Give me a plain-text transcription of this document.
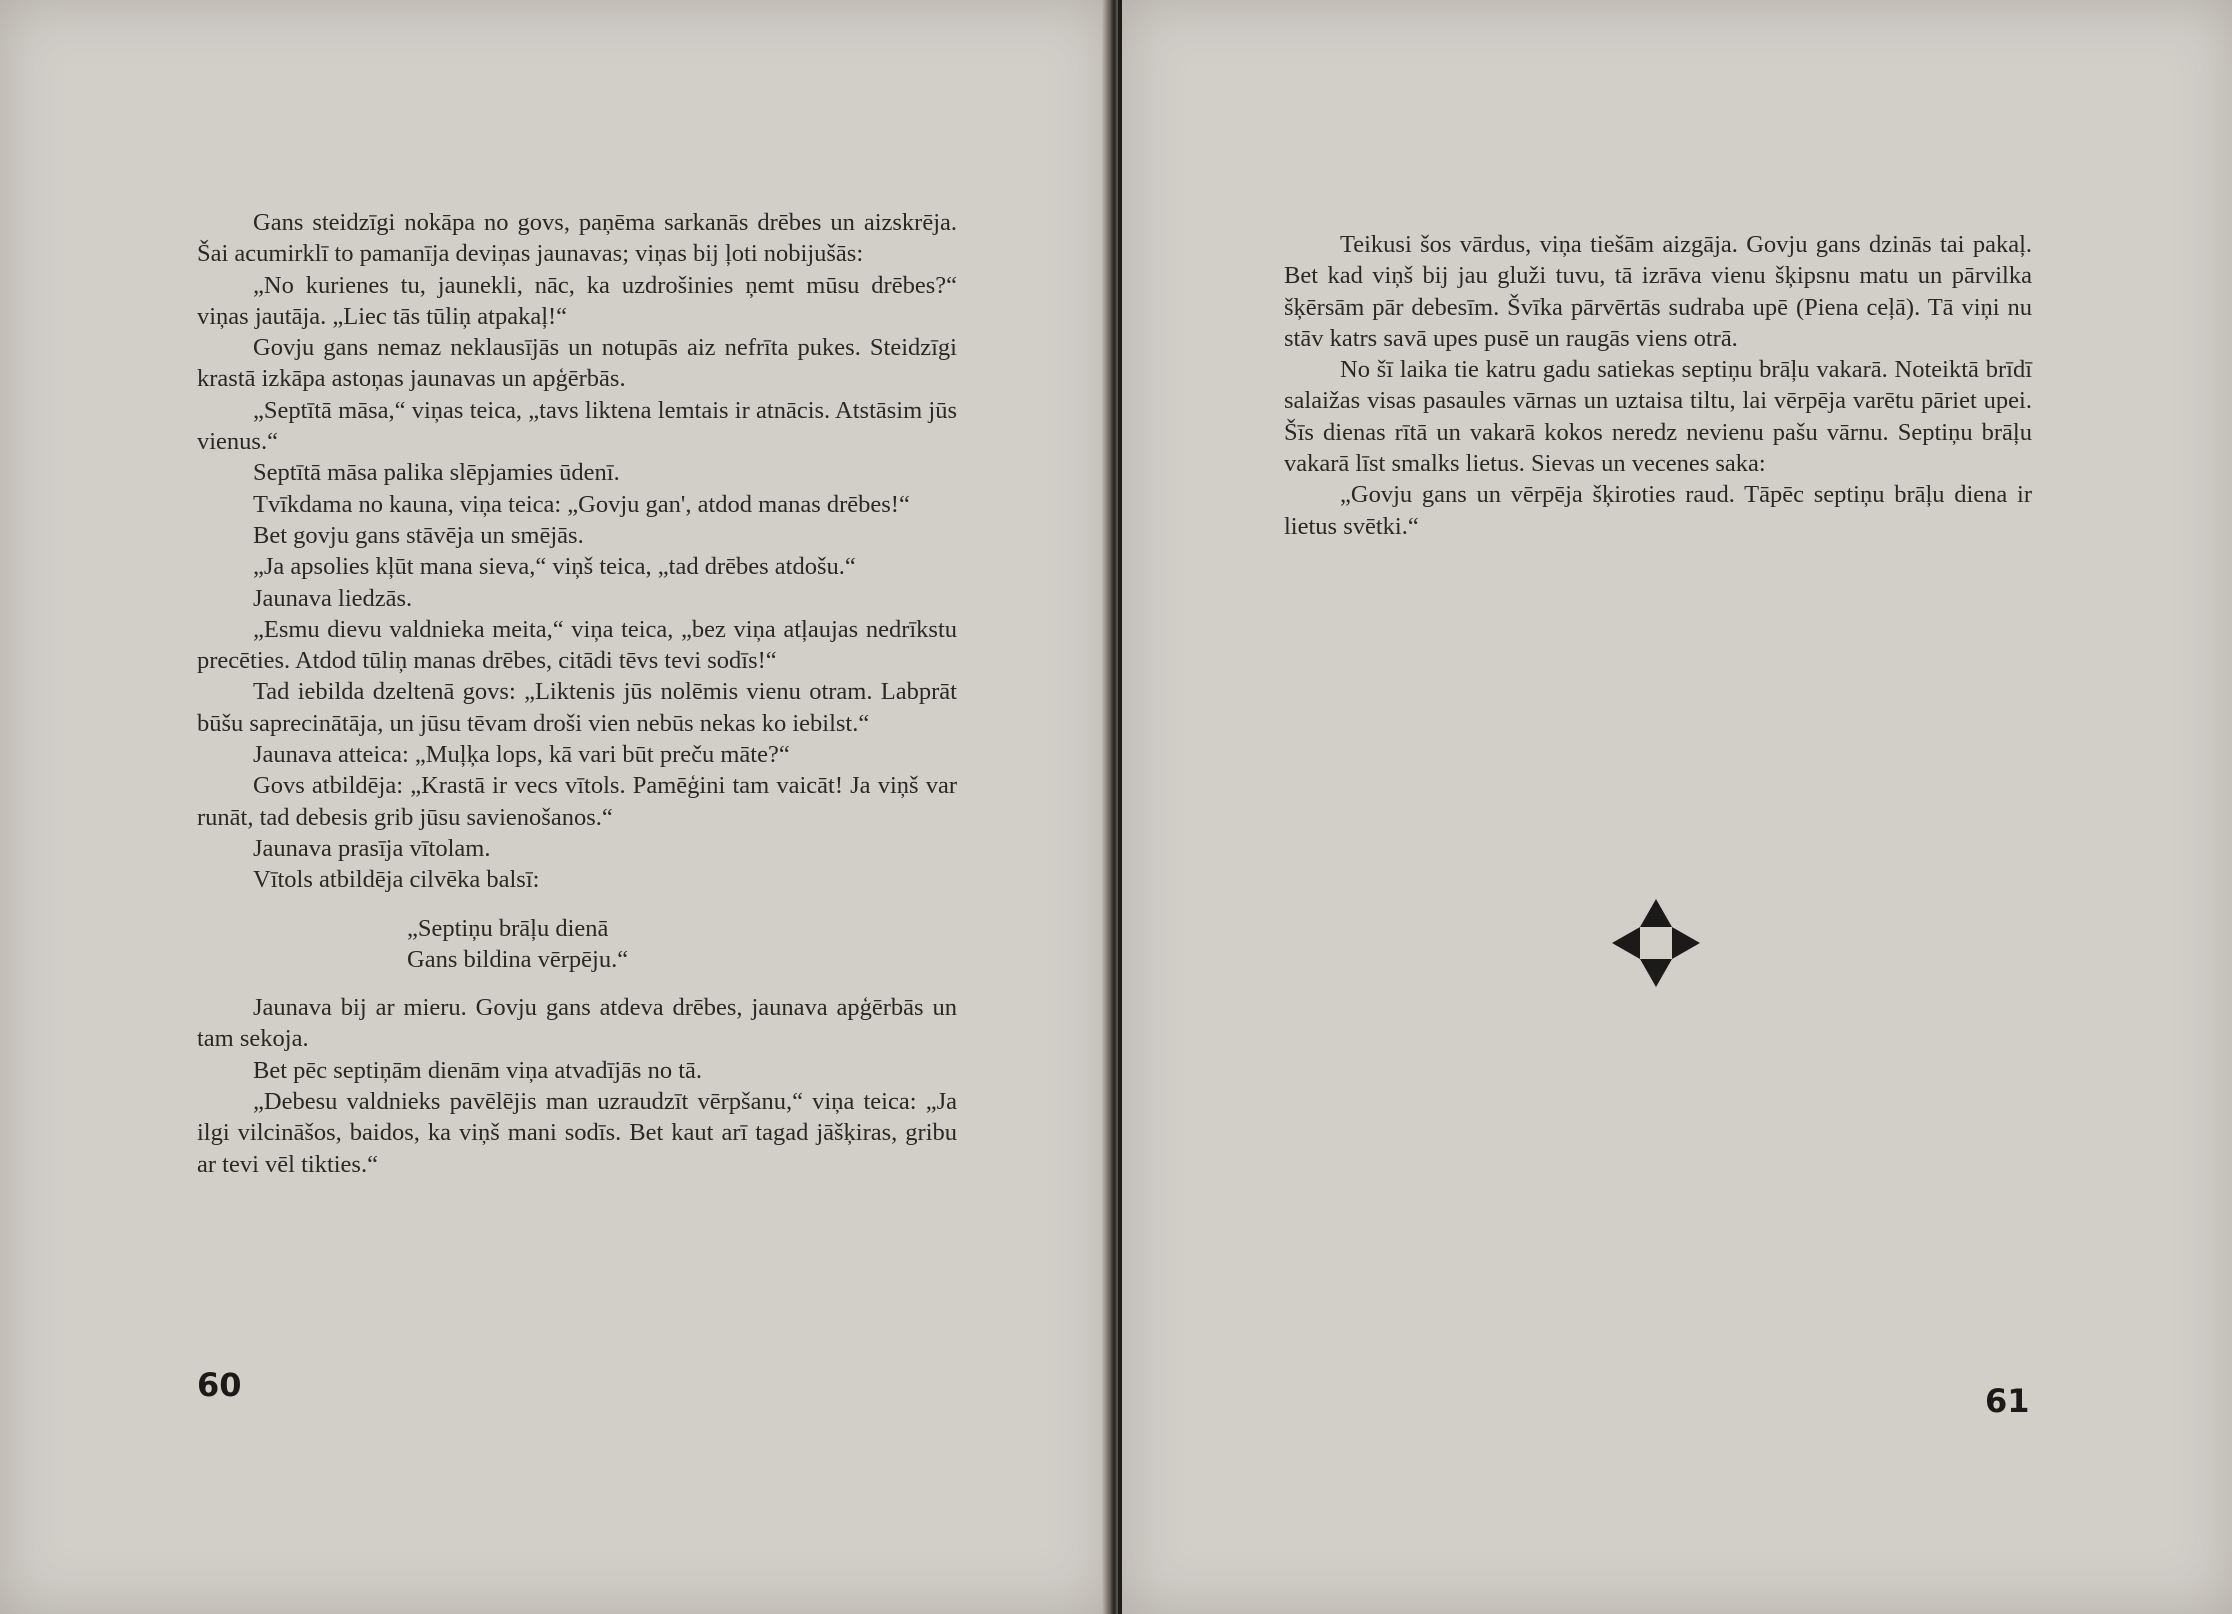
Gans steidzīgi nokāpa no govs, paņēma sarkanās drēbes un aizskrēja. Šai acumirklī to pamanīja deviņas jaunavas; viņas bij ļoti nobijušās:

„No kurienes tu, jaunekli, nāc, ka uzdrošinies ņemt mūsu drēbes?“ viņas jautāja. „Liec tās tūliņ atpakaļ!“

Govju gans nemaz neklausījās un notupās aiz nefrīta pukes. Steidzīgi krastā izkāpa astoņas jaunavas un apģērbās.

„Septītā māsa,“ viņas teica, „tavs liktenа lemtais ir atnācis. Atstāsim jūs vienus.“

Septītā māsa palika slēpjamies ūdenī.

Tvīkdama no kauna, viņa teica: „Govju gan', atdod manas drēbes!“

Bet govju gans stāvēja un smējās.

„Ja apsolies kļūt mana sieva,“ viņš teica, „tad drēbes atdošu.“

Jaunava liedzās.

„Esmu dievu valdnieka meita,“ viņa teica, „bez viņa atļaujas nedrīkstu precēties. Atdod tūliņ manas drēbes, citādi tēvs tevi sodīs!“

Tad iebilda dzeltenā govs: „Liktenis jūs nolēmis vienu otram. Labprāt būšu saprecinātāja, un jūsu tēvam droši vien nebūs nekas ko iebilst.“

Jaunava atteica: „Muļķa lops, kā vari būt preču māte?“

Govs atbildēja: „Krastā ir vecs vītols. Pamēģini tam vaicāt! Ja viņš var runāt, tad debesis grib jūsu savienošanos.“

Jaunava prasīja vītolam.

Vītols atbildēja cilvēka balsī:

„Septiņu brāļu dienā
Gans bildina vērpēju.“

Jaunava bij ar mieru. Govju gans atdeva drēbes, jaunava apģērbās un tam sekoja.

Bet pēc septiņām dienām viņa atvadījās no tā.

„Debesu valdnieks pavēlējis man uzraudzīt vērpšanu,“ viņa teica: „Ja ilgi vilcināšos, baidos, ka viņš mani sodīs. Bet kaut arī tagad jāšķiras, gribu ar tevi vēl tikties.“

60

Teikusi šos vārdus, viņa tiešām aizgāja. Govju gans dzinās tai pakaļ. Bet kad viņš bij jau gluži tuvu, tā izrāva vienu šķipsnu matu un pārvilka šķērsām pār debesīm. Švīka pārvērtās sudraba upē (Piena ceļā). Tā viņi nu stāv katrs savā upes pusē un raugās viens otrā.

No šī laika tie katru gadu satiekas septiņu brāļu vakarā. Noteiktā brīdī salaižas visas pasaules vārnas un uztaisa tiltu, lai vērpēja varētu pāriet upei. Šīs dienas rītā un vakarā kokos neredz nevienu pašu vārnu. Septiņu brāļu vakarā līst smalks lietus. Sievas un vecenes saka:

„Govju gans un vērpēja šķiroties raud. Tāpēc septiņu brāļu diena ir lietus svētki.“

61
